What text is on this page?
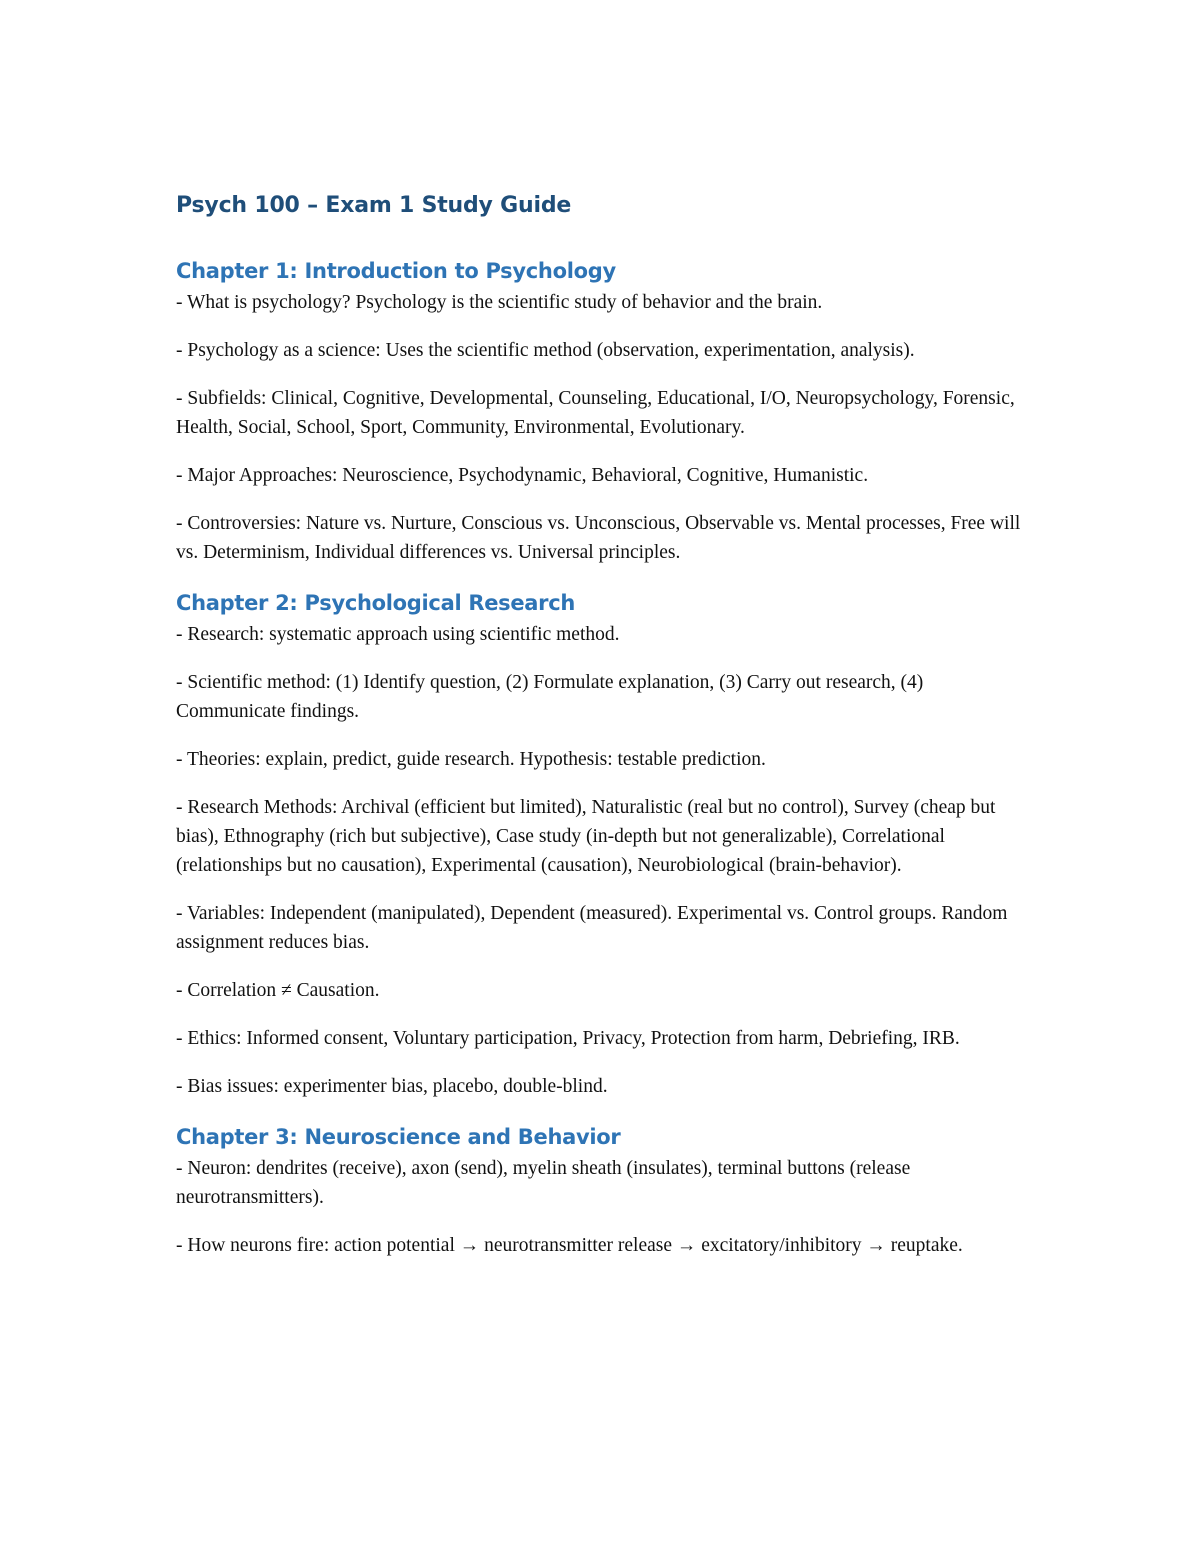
Psych 100 – Exam 1 Study Guide
Chapter 1: Introduction to Psychology

- What is psychology? Psychology is the scientific study of behavior and the brain.

- Psychology as a science: Uses the scientific method (observation, experimentation, analysis).

- Subfields: Clinical, Cognitive, Developmental, Counseling, Educational, I/O, Neuropsychology, Forensic, Health, Social, School, Sport, Community, Environmental, Evolutionary.

- Major Approaches: Neuroscience, Psychodynamic, Behavioral, Cognitive, Humanistic.

- Controversies: Nature vs. Nurture, Conscious vs. Unconscious, Observable vs. Mental processes, Free will vs. Determinism, Individual differences vs. Universal principles.

Chapter 2: Psychological Research

- Research: systematic approach using scientific method.

- Scientific method: (1) Identify question, (2) Formulate explanation, (3) Carry out research, (4) Communicate findings.

- Theories: explain, predict, guide research. Hypothesis: testable prediction.

- Research Methods: Archival (efficient but limited), Naturalistic (real but no control), Survey (cheap but bias), Ethnography (rich but subjective), Case study (in-depth but not generalizable), Correlational (relationships but no causation), Experimental (causation), Neurobiological (brain-behavior).

- Variables: Independent (manipulated), Dependent (measured). Experimental vs. Control groups. Random assignment reduces bias.

- Correlation ≠ Causation.

- Ethics: Informed consent, Voluntary participation, Privacy, Protection from harm, Debriefing, IRB.

- Bias issues: experimenter bias, placebo, double-blind.

Chapter 3: Neuroscience and Behavior

- Neuron: dendrites (receive), axon (send), myelin sheath (insulates), terminal buttons (release neurotransmitters).

- How neurons fire: action potential → neurotransmitter release → excitatory/inhibitory → reuptake.
